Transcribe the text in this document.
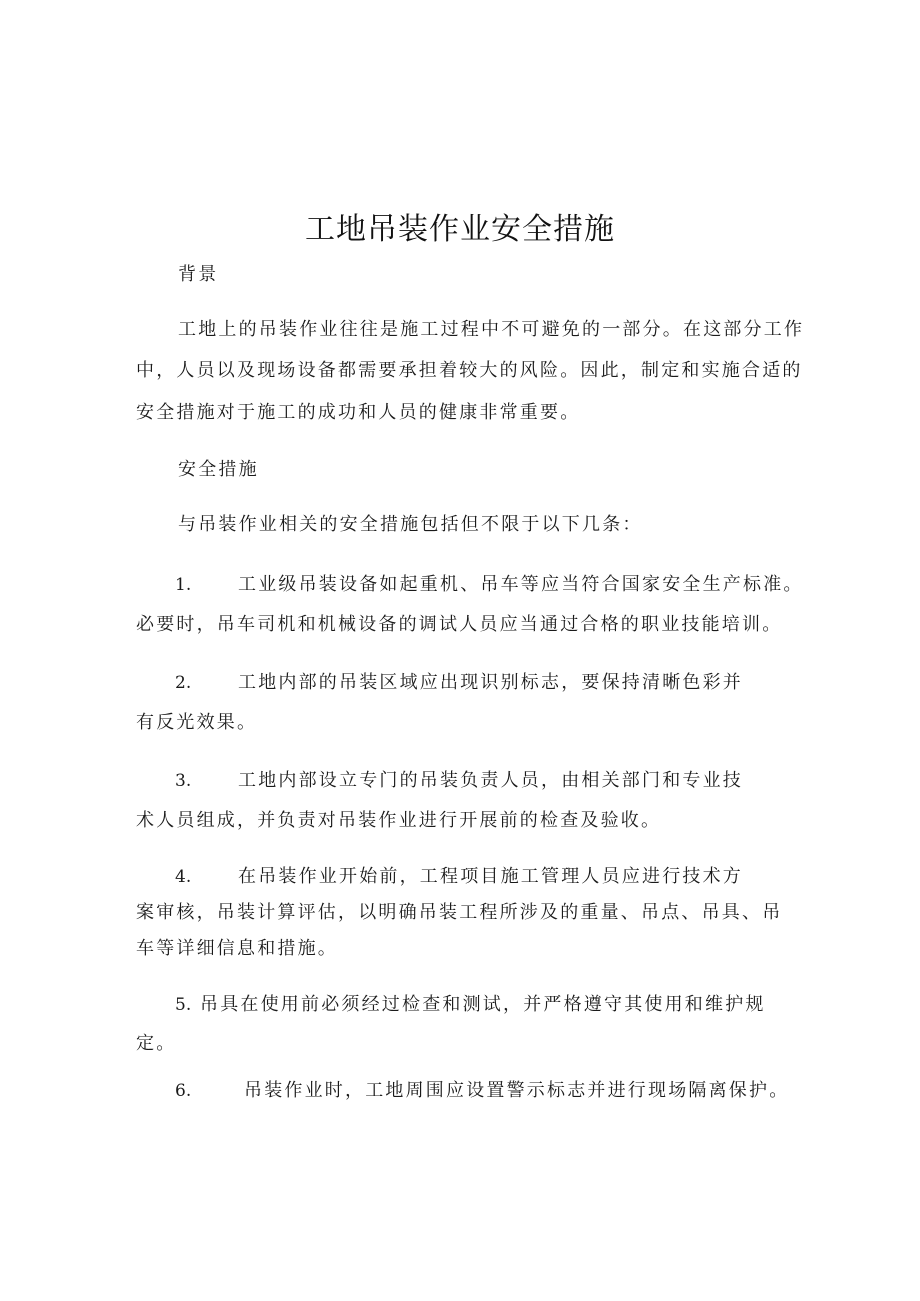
工地吊装作业安全措施
背景
工地上的吊装作业往往是施工过程中不可避免的一部分。在这部分工作
中，人员以及现场设备都需要承担着较大的风险。因此，制定和实施合适的
安全措施对于施工的成功和人员的健康非常重要。
安全措施
与吊装作业相关的安全措施包括但不限于以下几条：
1.	工业级吊装设备如起重机、吊车等应当符合国家安全生产标准。
必要时，吊车司机和机械设备的调试人员应当通过合格的职业技能培训。
2.	工地内部的吊装区域应出现识别标志，要保持清晰色彩并
有反光效果。
3.	工地内部设立专门的吊装负责人员，由相关部门和专业技
术人员组成，并负责对吊装作业进行开展前的检查及验收。
4.	在吊装作业开始前，工程项目施工管理人员应进行技术方
案审核，吊装计算评估，以明确吊装工程所涉及的重量、吊点、吊具、吊
车等详细信息和措施。
5. 吊具在使用前必须经过检查和测试，并严格遵守其使用和维护规
定。
6.	吊装作业时，工地周围应设置警示标志并进行现场隔离保护。
